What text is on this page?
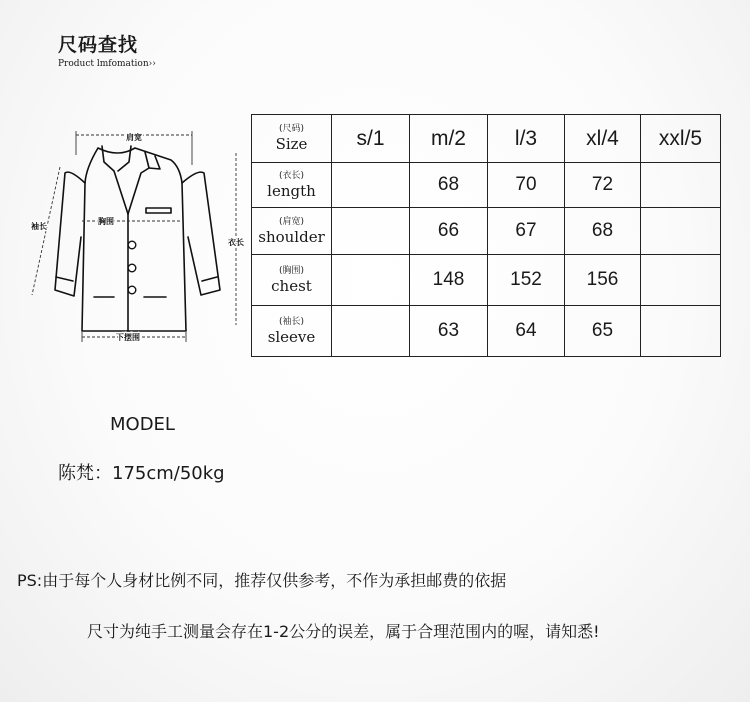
尺码查找
Product lmfomation››
肩宽
袖长
胸围
衣长
下摆围
(尺码)
Size	s/1	m/2	l/3	xl/4	xxl/5

(衣长)
length		68	70	72	

(肩宽)
shoulder		66	67	68	

(胸围)
chest		148	152	156	

(袖长)
sleeve		63	64	65	
MODEL
陈梵：175cm/50kg
PS:由于每个人身材比例不同，推荐仅供参考，不作为承担邮费的依据
尺寸为纯手工测量会存在1-2公分的误差，属于合理范围内的喔，请知悉!
